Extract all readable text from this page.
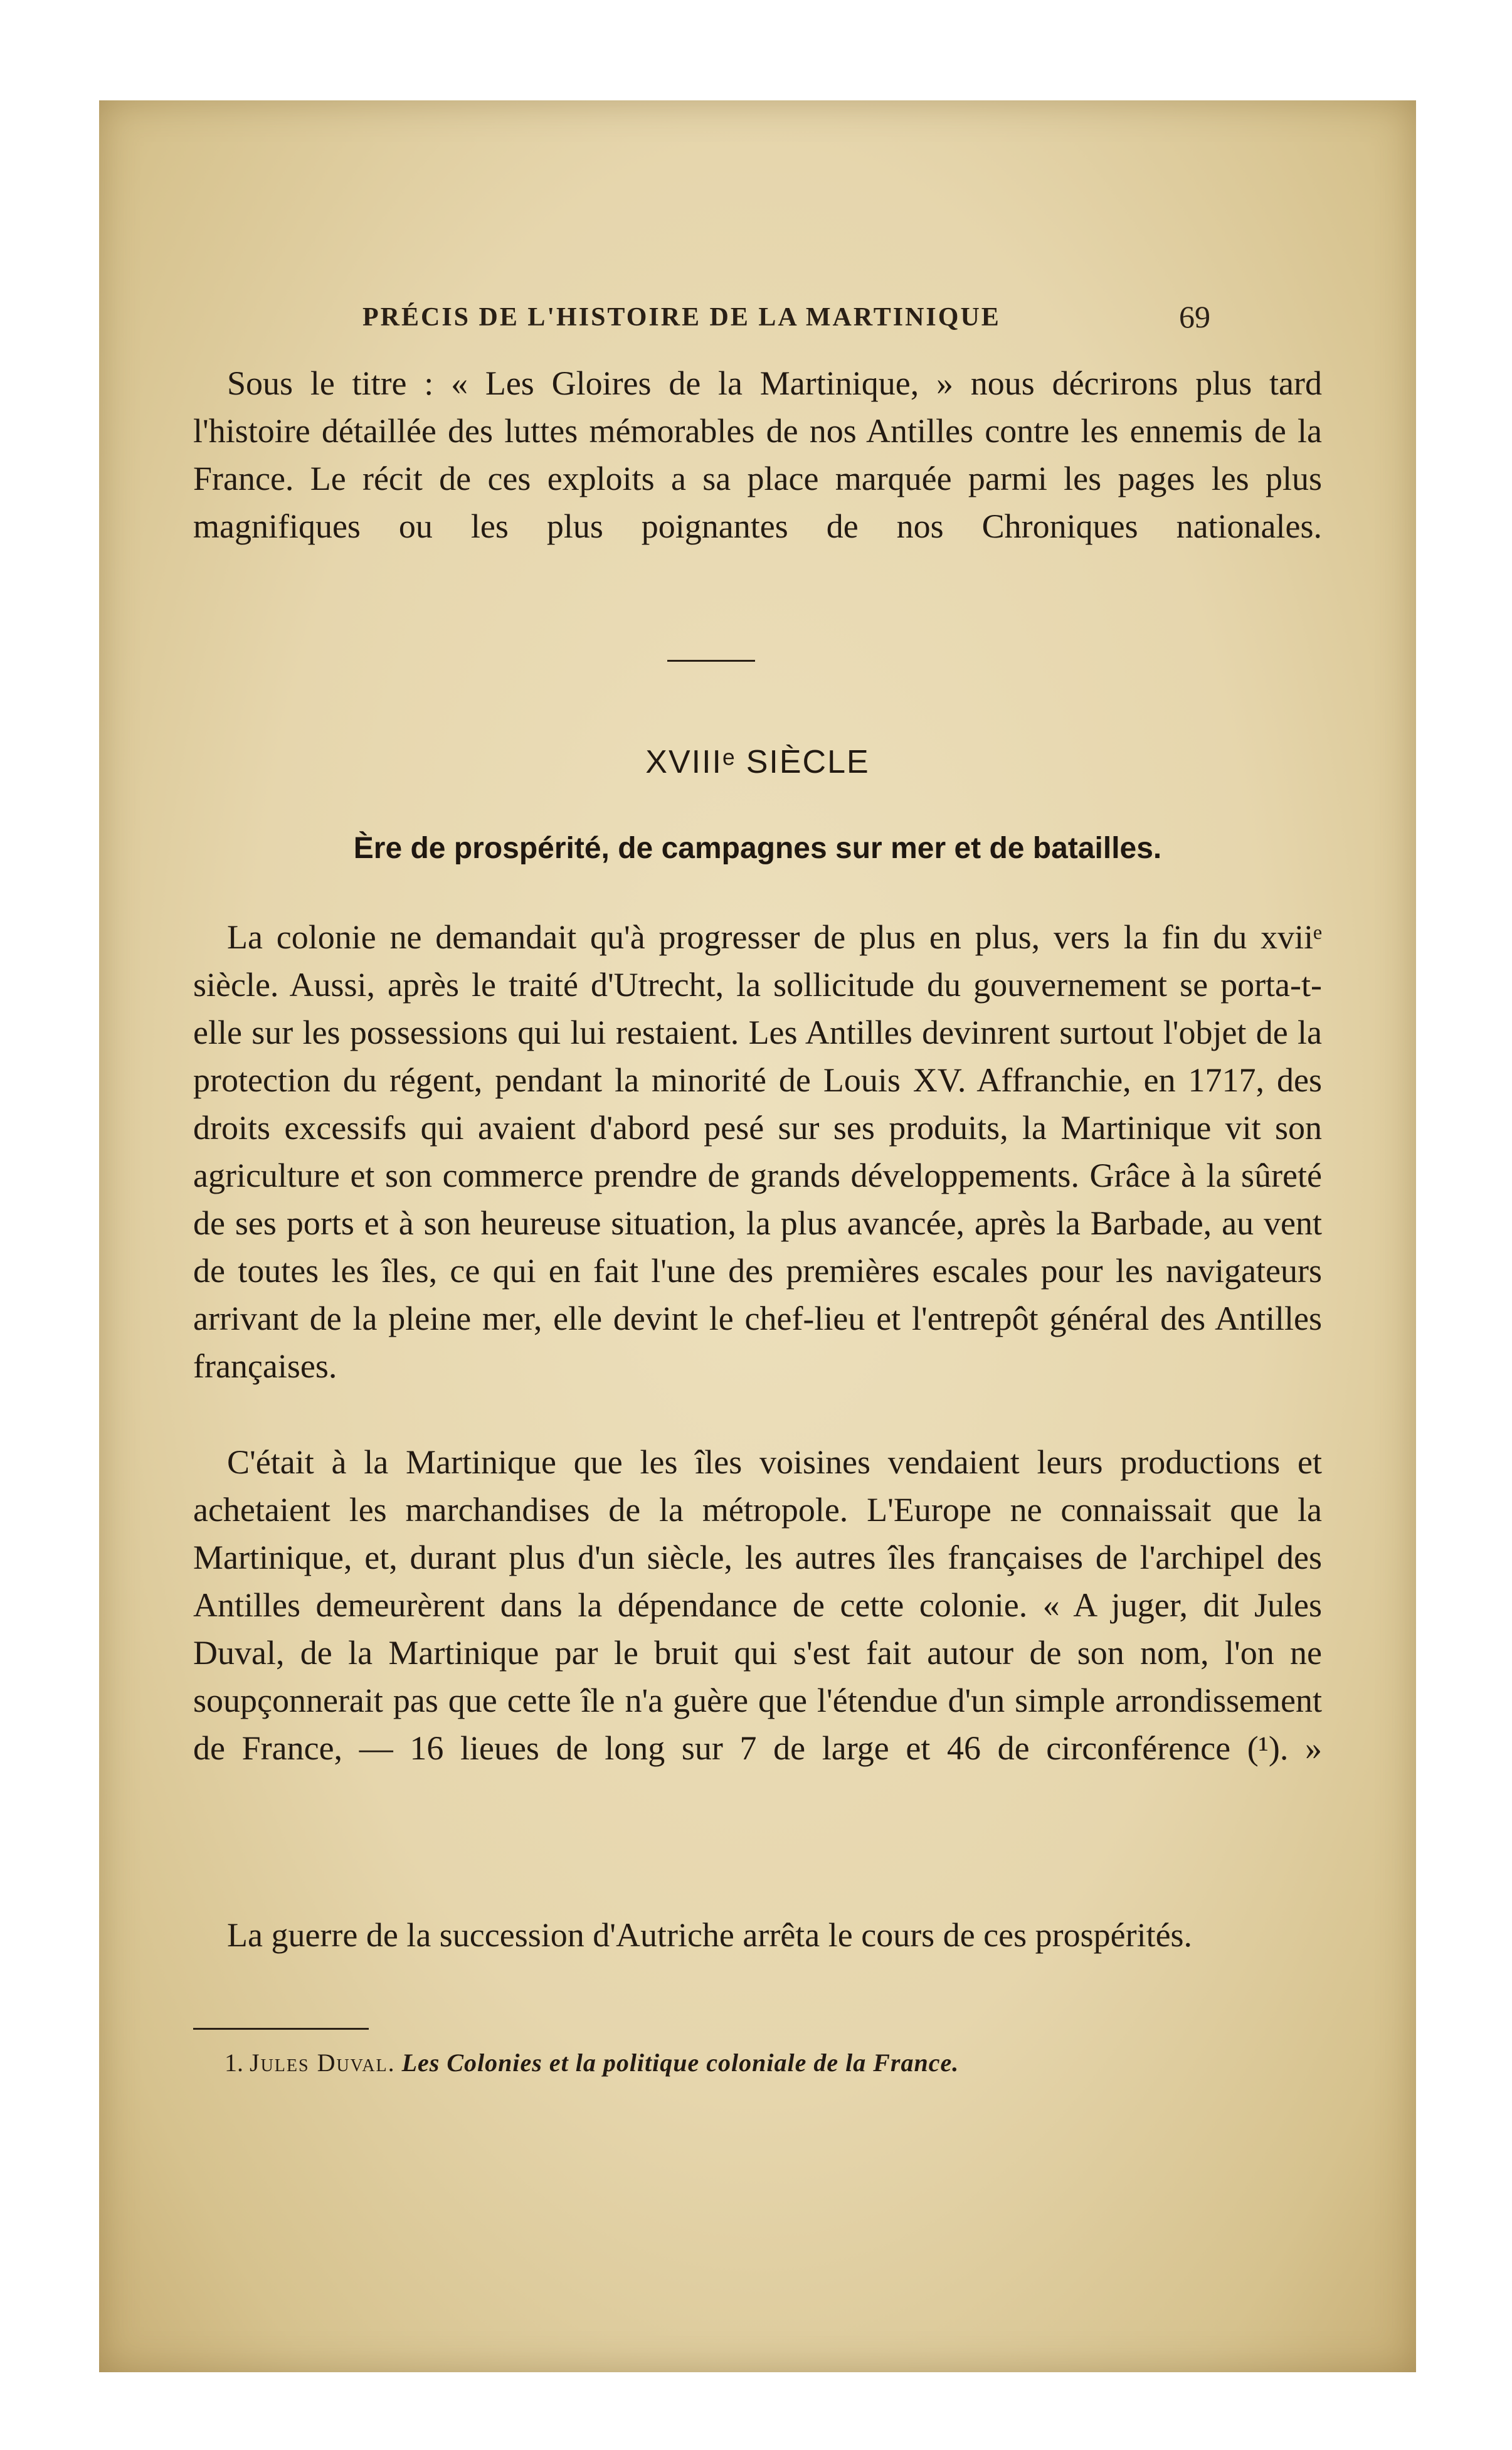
PRÉCIS DE L'HISTOIRE DE LA MARTINIQUE	69

Sous le titre : « Les Gloires de la Martinique, » nous décrirons plus tard l'histoire détaillée des luttes mémorables de nos Antilles contre les ennemis de la France. Le récit de ces exploits a sa place marquée parmi les pages les plus magnifiques ou les plus poignantes de nos Chroniques nationales.

XVIIIᵉ SIÈCLE
Ère de prospérité, de campagnes sur mer et de batailles.

La colonie ne demandait qu'à progresser de plus en plus, vers la fin du xviiᵉ siècle. Aussi, après le traité d'Utrecht, la sollicitude du gouvernement se porta-t-elle sur les possessions qui lui restaient. Les Antilles devinrent surtout l'objet de la protection du régent, pendant la minorité de Louis XV. Affranchie, en 1717, des droits excessifs qui avaient d'abord pesé sur ses produits, la Martinique vit son agriculture et son commerce prendre de grands développements. Grâce à la sûreté de ses ports et à son heureuse situation, la plus avancée, après la Barbade, au vent de toutes les îles, ce qui en fait l'une des premières escales pour les navigateurs arrivant de la pleine mer, elle devint le chef-lieu et l'entrepôt général des Antilles françaises.

C'était à la Martinique que les îles voisines vendaient leurs productions et achetaient les marchandises de la métropole. L'Europe ne connaissait que la Martinique, et, durant plus d'un siècle, les autres îles françaises de l'archipel des Antilles demeurèrent dans la dépendance de cette colonie. « A juger, dit Jules Duval, de la Martinique par le bruit qui s'est fait autour de son nom, l'on ne soupçonnerait pas que cette île n'a guère que l'étendue d'un simple arrondissement de France, — 16 lieues de long sur 7 de large et 46 de circonférence (¹). »

La guerre de la succession d'Autriche arrêta le cours de ces prospérités.

1. Jules Duval. Les Colonies et la politique coloniale de la France.
